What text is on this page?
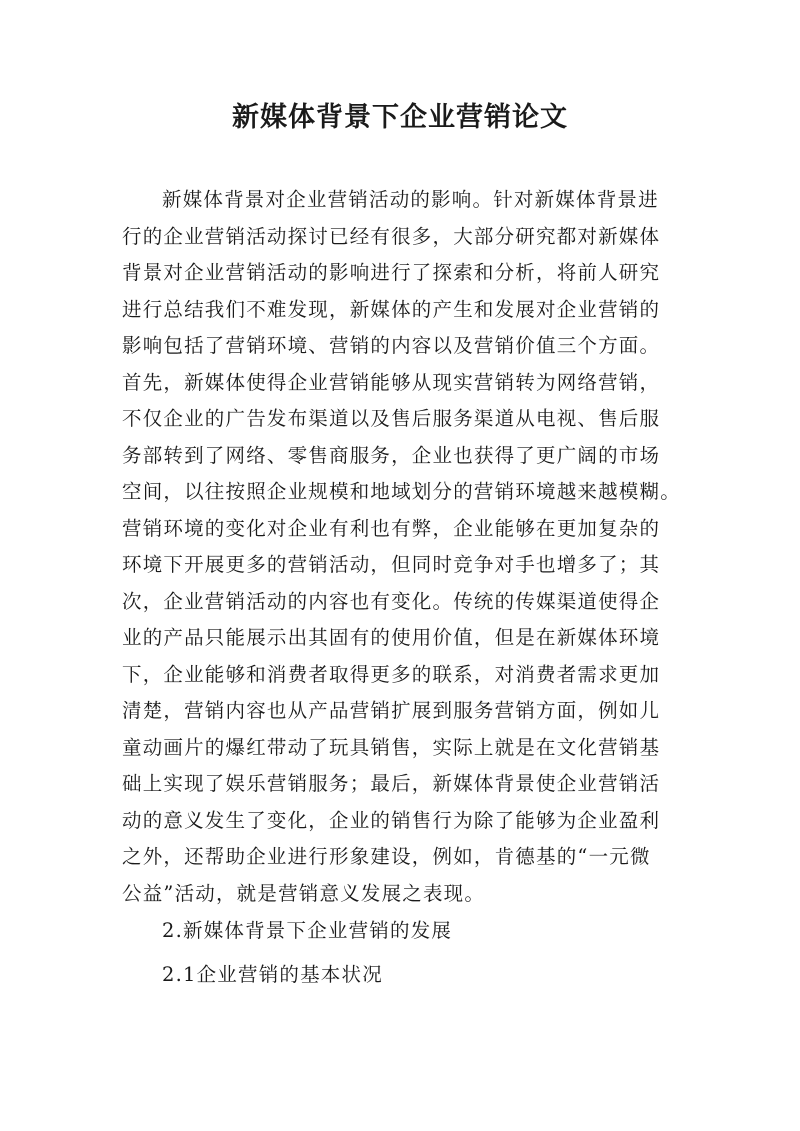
新媒体背景下企业营销论文
新媒体背景对企业营销活动的影响。针对新媒体背景进
行的企业营销活动探讨已经有很多，大部分研究都对新媒体
背景对企业营销活动的影响进行了探索和分析，将前人研究
进行总结我们不难发现，新媒体的产生和发展对企业营销的
影响包括了营销环境、营销的内容以及营销价值三个方面。
首先，新媒体使得企业营销能够从现实营销转为网络营销，
不仅企业的广告发布渠道以及售后服务渠道从电视、售后服
务部转到了网络、零售商服务，企业也获得了更广阔的市场
空间，以往按照企业规模和地域划分的营销环境越来越模糊。
营销环境的变化对企业有利也有弊，企业能够在更加复杂的
环境下开展更多的营销活动，但同时竞争对手也增多了；其
次，企业营销活动的内容也有变化。传统的传媒渠道使得企
业的产品只能展示出其固有的使用价值，但是在新媒体环境
下，企业能够和消费者取得更多的联系，对消费者需求更加
清楚，营销内容也从产品营销扩展到服务营销方面，例如儿
童动画片的爆红带动了玩具销售，实际上就是在文化营销基
础上实现了娱乐营销服务；最后，新媒体背景使企业营销活
动的意义发生了变化，企业的销售行为除了能够为企业盈利
之外，还帮助企业进行形象建设，例如，肯德基的“一元微
公益”活动，就是营销意义发展之表现。
2.新媒体背景下企业营销的发展
2.1企业营销的基本状况
